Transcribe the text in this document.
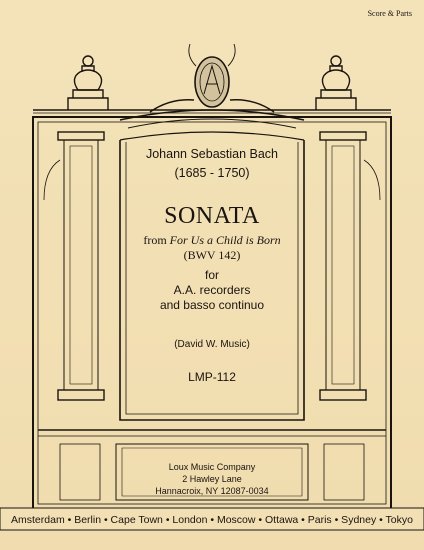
Score & Parts
Johann Sebastian Bach
(1685 - 1750)
SONATA
from For Us a Child is Born
(BWV 142)
for
A.A. recorders
and basso continuo
(David W. Music)
LMP-112
Loux Music Company
2 Hawley Lane
Hannacroix, NY 12087-0034
Amsterdam • Berlin • Cape Town • London • Moscow • Ottawa • Paris • Sydney • Tokyo
